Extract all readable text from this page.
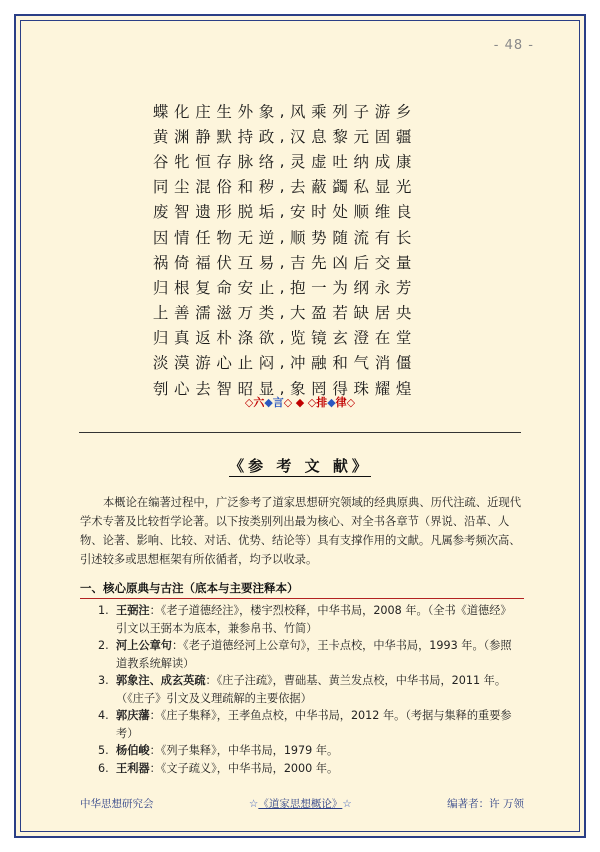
- 48 -
蝶 化 庄 生 外 象 , 风 乘 列 子 游 乡
黄 渊 静 默 持 政 , 汉 息 黎 元 固 疆
谷 牝 恒 存 脉 络 , 灵 虚 吐 纳 成 康
同 尘 混 俗 和 秽 , 去 蔽 蠲 私 显 光
废 智 遗 形 脱 垢 , 安 时 处 顺 维 良
因 情 任 物 无 逆 , 顺 势 随 流 有 长
祸 倚 福 伏 互 易 , 吉 先 凶 后 交 量
归 根 复 命 安 止 , 抱 一 为 纲 永 芳
上 善 濡 滋 万 类 , 大 盈 若 缺 居 央
归 真 返 朴 涤 欲 , 览 镜 玄 澄 在 堂
淡 漠 游 心 止 闷 , 冲 融 和 气 消 僵
刳 心 去 智 昭 显 , 象 罔 得 珠 耀 煌
◇六◆言◇ ◆ ◇排◆律◇
《参 考 文 献》
本概论在编著过程中，广泛参考了道家思想研究领域的经典原典、历代注疏、近现代学术专著及比较哲学论著。以下按类别列出最为核心、对全书各章节（界说、沿革、人物、论著、影响、比较、对话、优势、结论等）具有支撑作用的文献。凡属参考频次高、引述较多或思想框架有所依循者，均予以收录。
一、核心原典与古注（底本与主要注释本）
1. 王弼注：《老子道德经注》，楼宇烈校释，中华书局，2008 年。（全书《道德经》引文以王弼本为底本，兼参帛书、竹简）
2. 河上公章句：《老子道德经河上公章句》，王卡点校，中华书局，1993 年。（参照道教系统解读）
3. 郭象注、成玄英疏：《庄子注疏》，曹础基、黄兰发点校，中华书局，2011 年。（《庄子》引文及义理疏解的主要依据）
4. 郭庆藩：《庄子集释》，王孝鱼点校，中华书局，2012 年。（考据与集释的重要参考）
5. 杨伯峻：《列子集释》，中华书局，1979 年。
6. 王利器：《文子疏义》，中华书局，2000 年。
中华思想研究会	☆《道家思想概论》☆	编著者：许 万领
